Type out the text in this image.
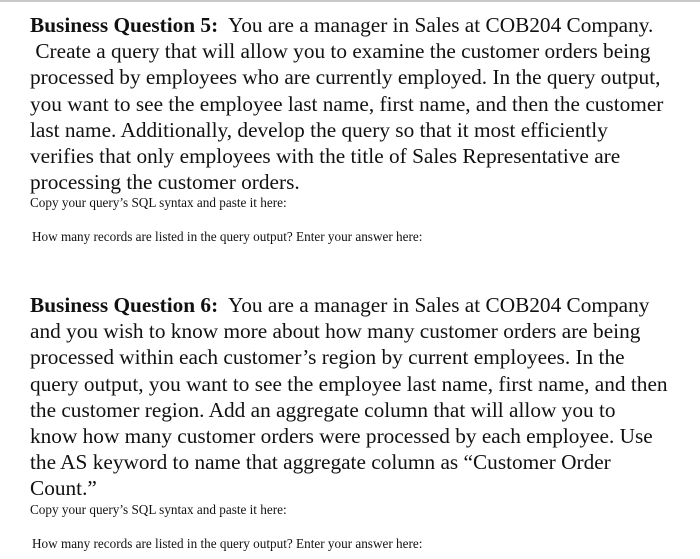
Business Question 5:  You are a manager in Sales at COB204 Company.
Create a query that will allow you to examine the customer orders being
processed by employees who are currently employed. In the query output,
you want to see the employee last name, first name, and then the customer
last name. Additionally, develop the query so that it most efficiently
verifies that only employees with the title of Sales Representative are
processing the customer orders.

Copy your query’s SQL syntax and paste it here:

How many records are listed in the query output? Enter your answer here:

Business Question 6:  You are a manager in Sales at COB204 Company
and you wish to know more about how many customer orders are being
processed within each customer’s region by current employees. In the
query output, you want to see the employee last name, first name, and then
the customer region. Add an aggregate column that will allow you to
know how many customer orders were processed by each employee. Use
the AS keyword to name that aggregate column as “Customer Order
Count.”

Copy your query’s SQL syntax and paste it here:

How many records are listed in the query output? Enter your answer here:
